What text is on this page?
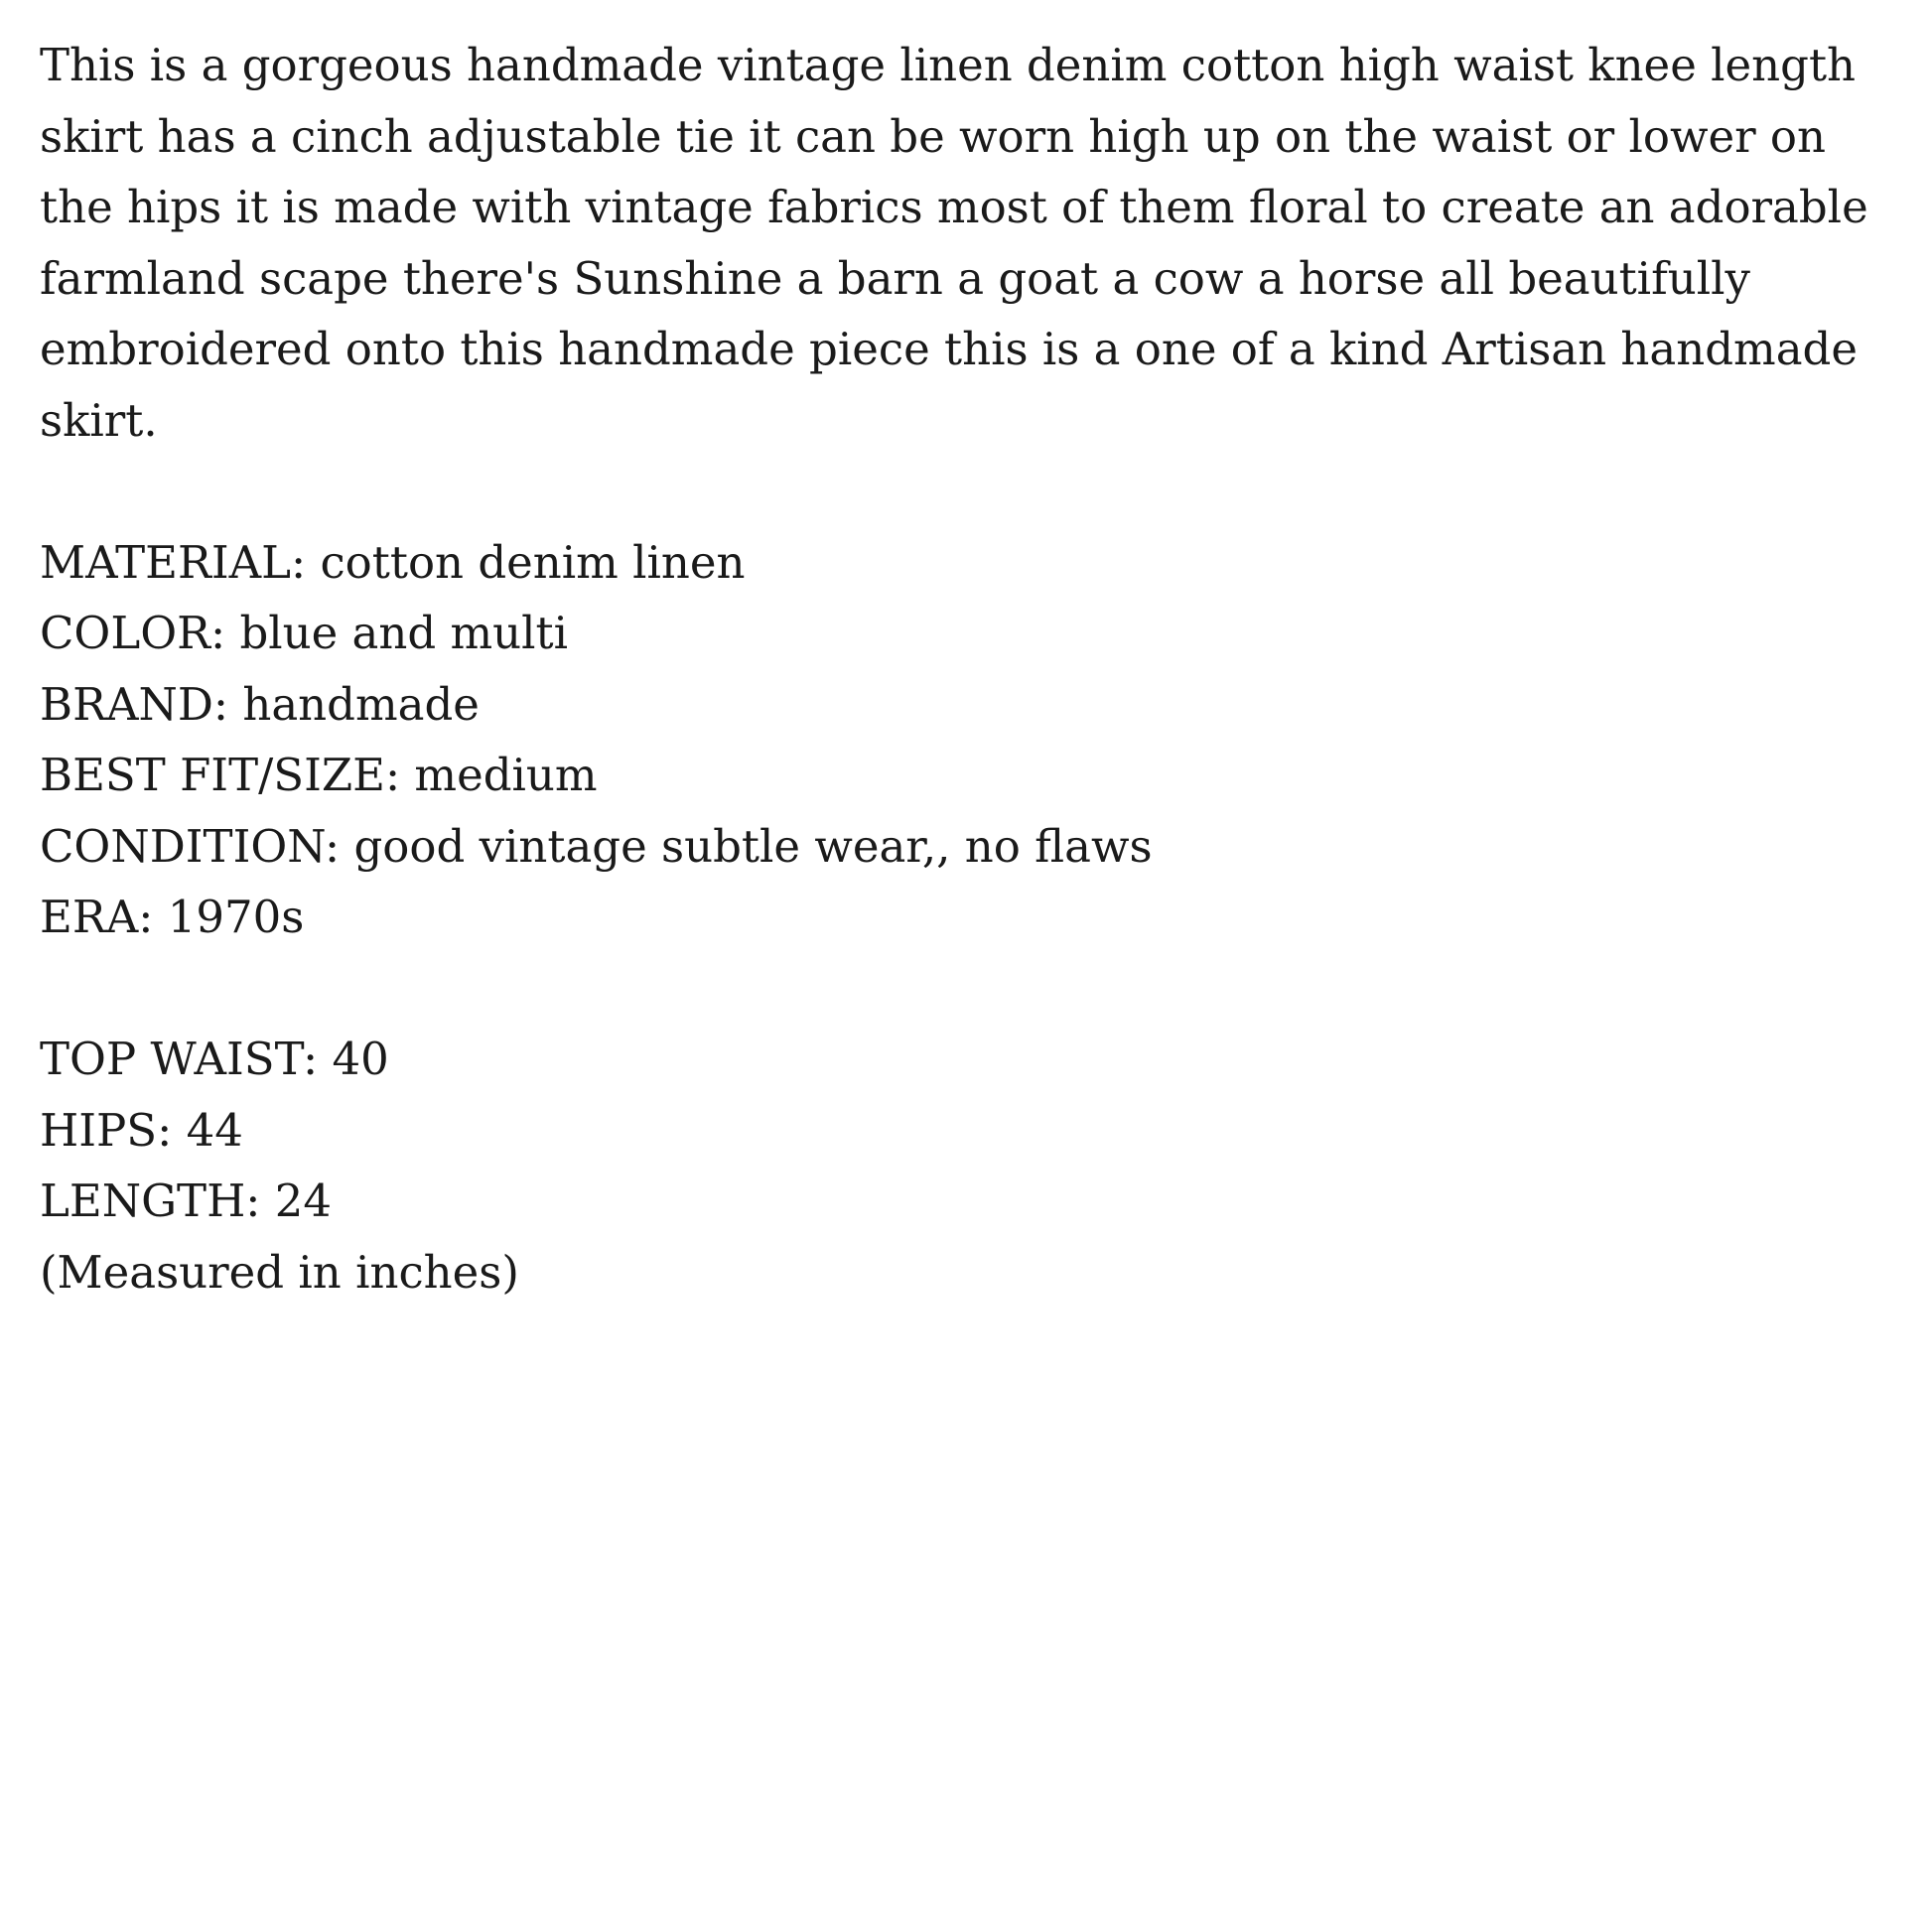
This is a gorgeous handmade vintage linen denim cotton high waist knee length skirt has a cinch adjustable tie it can be worn high up on the waist or lower on the hips it is made with vintage fabrics most of them floral to create an adorable farmland scape there's Sunshine a barn a goat a cow a horse all beautifully embroidered onto this handmade piece this is a one of a kind Artisan handmade skirt.

MATERIAL: cotton denim linen

COLOR: blue and multi

BRAND: handmade

BEST FIT/SIZE: medium

CONDITION: good vintage subtle wear,, no flaws

ERA: 1970s

TOP WAIST: 40

HIPS: 44

LENGTH: 24

(Measured in inches)
